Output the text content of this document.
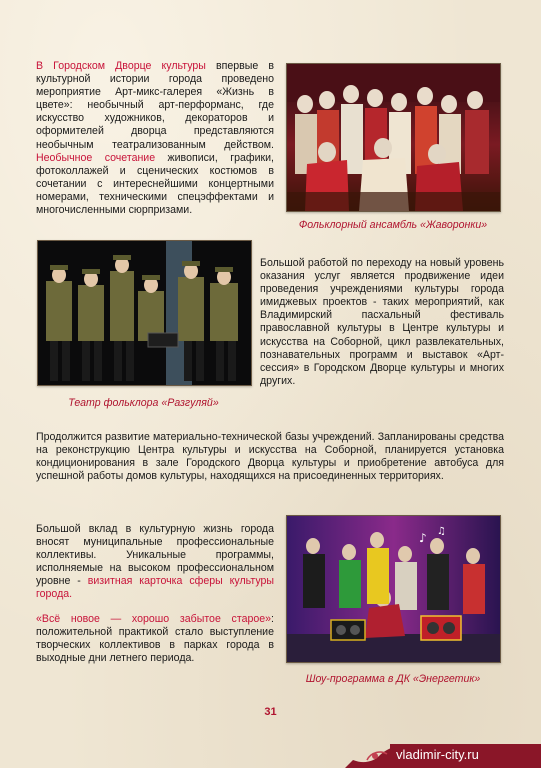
В Городском Дворце культуры впервые в культурной истории города проведено мероприятие Арт-микс-галерея «Жизнь в цвете»: необычный арт-перформанс, где искусство художников, декораторов и оформителей дворца представляются необычным театрализованным действом. Необычное сочетание живописи, графики, фотоколлажей и сценических костюмов в сочетании с интереснейшими концертными номерами, техническими спецэффектами и многочисленными сюрпризами.

Фольклорный ансамбль «Жаворонки»
Театр фольклора «Разгуляй»

Большой работой по переходу на новый уровень оказания услуг является продвижение идеи проведения учреждениями культуры города имиджевых проектов - таких мероприятий, как Владимирский пасхальный фестиваль православной культуры в Центре культуры и искусства на Соборной, цикл развлекательных, познавательных программ и выставок «Арт-сессия» в Городском Дворце культуры и многих других.

Продолжится развитие материально-технической базы учреждений. Запланированы средства на реконструкцию Центра культуры и искусства на Соборной, планируется установка кондиционирования в зале Городского Дворца культуры и приобретение автобуса для успешной работы домов культуры, находящихся на присоединенных территориях.

Большой вклад в культурную жизнь города вносят муниципальные профессиональные коллективы. Уникальные программы, исполняемые на высоком профессиональном уровне - визитная карточка сферы культуры города.

«Всё новое — хорошо забытое старое»: положительной практикой стало выступление творческих коллективов в парках города в выходные дни летнего периода.

♪ ♫
Шоу-программа в ДК «Энергетик»
31
vladimir-city.ru
